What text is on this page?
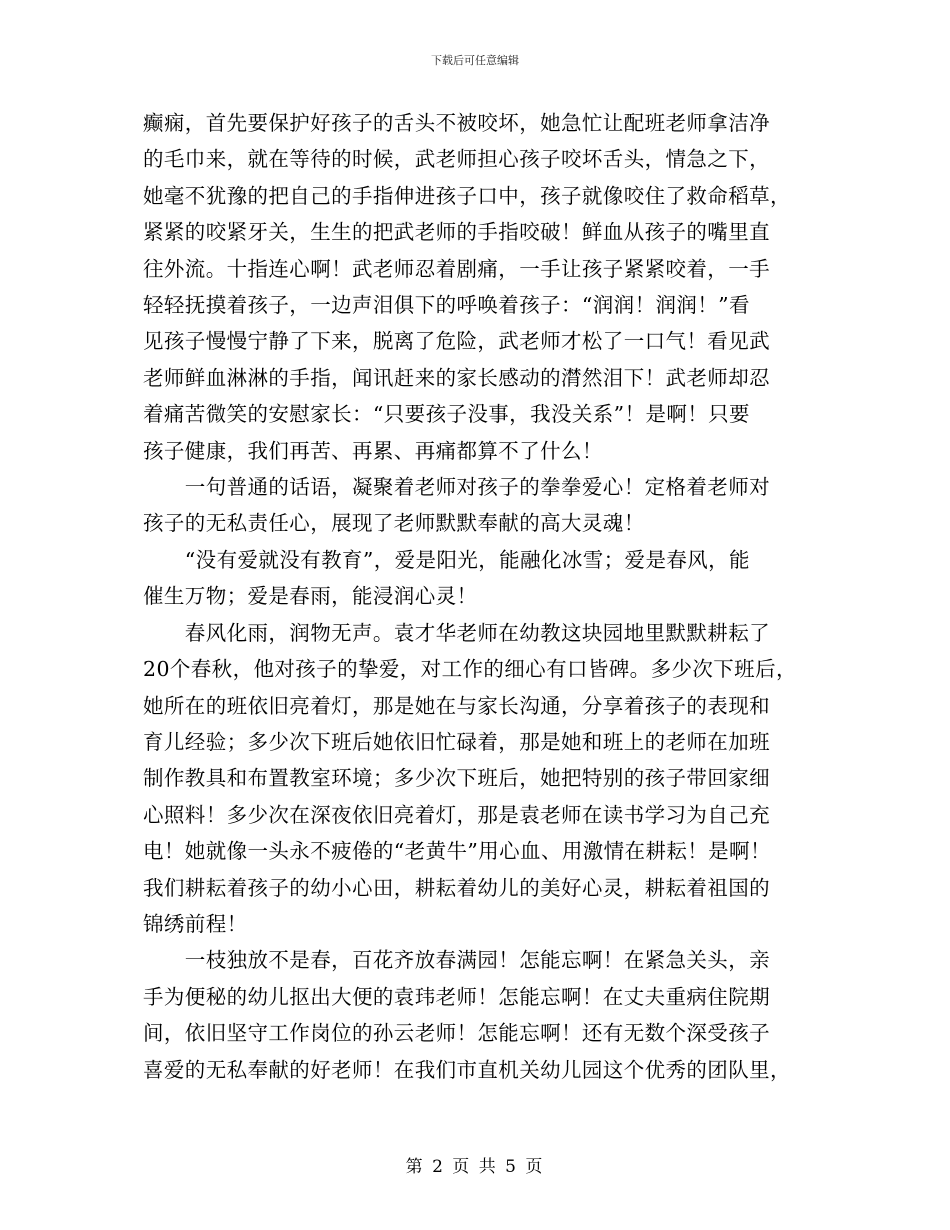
下载后可任意编辑
癫痫，首先要保护好孩子的舌头不被咬坏，她急忙让配班老师拿洁净
的毛巾来，就在等待的时候，武老师担心孩子咬坏舌头，情急之下，
她毫不犹豫的把自己的手指伸进孩子口中，孩子就像咬住了救命稻草，
紧紧的咬紧牙关，生生的把武老师的手指咬破！鲜血从孩子的嘴里直
往外流。十指连心啊！武老师忍着剧痛，一手让孩子紧紧咬着，一手
轻轻抚摸着孩子，一边声泪俱下的呼唤着孩子：“润润！润润！”看
见孩子慢慢宁静了下来，脱离了危险，武老师才松了一口气！看见武
老师鲜血淋淋的手指，闻讯赶来的家长感动的潸然泪下！武老师却忍
着痛苦微笑的安慰家长：“只要孩子没事，我没关系”！是啊！只要
孩子健康，我们再苦、再累、再痛都算不了什么！
　　一句普通的话语，凝聚着老师对孩子的拳拳爱心！定格着老师对
孩子的无私责任心，展现了老师默默奉献的高大灵魂！
　　“没有爱就没有教育”，爱是阳光，能融化冰雪；爱是春风，能
催生万物；爱是春雨，能浸润心灵！
　　春风化雨，润物无声。袁才华老师在幼教这块园地里默默耕耘了
20个春秋，他对孩子的挚爱，对工作的细心有口皆碑。多少次下班后，
她所在的班依旧亮着灯，那是她在与家长沟通，分享着孩子的表现和
育儿经验；多少次下班后她依旧忙碌着，那是她和班上的老师在加班
制作教具和布置教室环境；多少次下班后，她把特别的孩子带回家细
心照料！多少次在深夜依旧亮着灯，那是袁老师在读书学习为自己充
电！她就像一头永不疲倦的“老黄牛”用心血、用激情在耕耘！是啊！
我们耕耘着孩子的幼小心田，耕耘着幼儿的美好心灵，耕耘着祖国的
锦绣前程！
　　一枝独放不是春，百花齐放春满园！怎能忘啊！在紧急关头，亲
手为便秘的幼儿抠出大便的袁玮老师！怎能忘啊！在丈夫重病住院期
间，依旧坚守工作岗位的孙云老师！怎能忘啊！还有无数个深受孩子
喜爱的无私奉献的好老师！在我们市直机关幼儿园这个优秀的团队里，
第 2 页 共 5 页
